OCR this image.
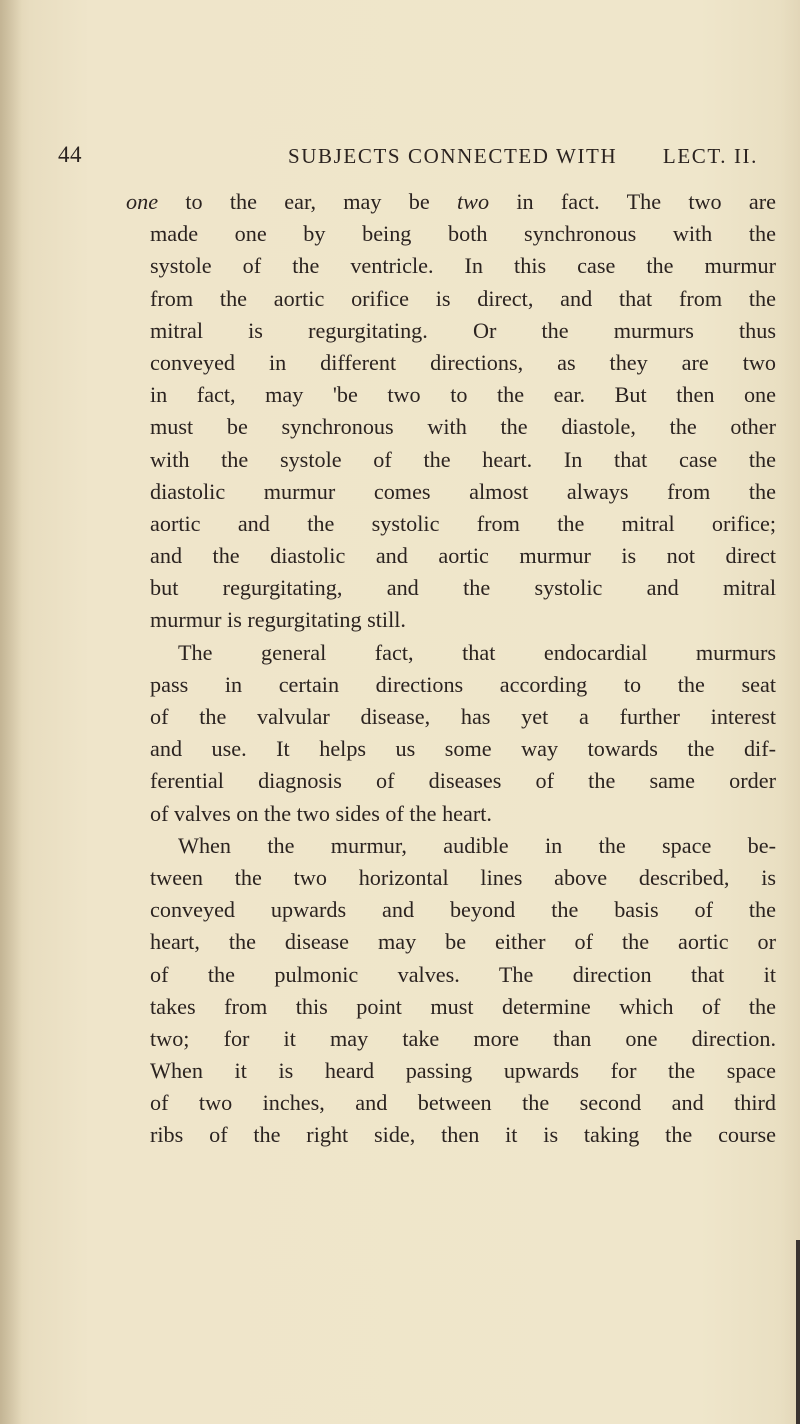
44	SUBJECTS CONNECTED WITH LECT. II.
one to the ear, may be two in fact. The two are
made one by being both synchronous with the
systole of the ventricle. In this case the murmur
from the aortic orifice is direct, and that from the
mitral is regurgitating. Or the murmurs thus
conveyed in different directions, as they are two
in fact, may 'be two to the ear. But then one
must be synchronous with the diastole, the other
with the systole of the heart. In that case the
diastolic murmur comes almost always from the
aortic and the systolic from the mitral orifice;
and the diastolic and aortic murmur is not direct
but regurgitating, and the systolic and mitral
murmur is regurgitating still.
The general fact, that endocardial murmurs
pass in certain directions according to the seat
of the valvular disease, has yet a further interest
and use. It helps us some way towards the dif-
ferential diagnosis of diseases of the same order
of valves on the two sides of the heart.
When the murmur, audible in the space be-
tween the two horizontal lines above described, is
conveyed upwards and beyond the basis of the
heart, the disease may be either of the aortic or
of the pulmonic valves. The direction that it
takes from this point must determine which of the
two; for it may take more than one direction.
When it is heard passing upwards for the space
of two inches, and between the second and third
ribs of the right side, then it is taking the course
